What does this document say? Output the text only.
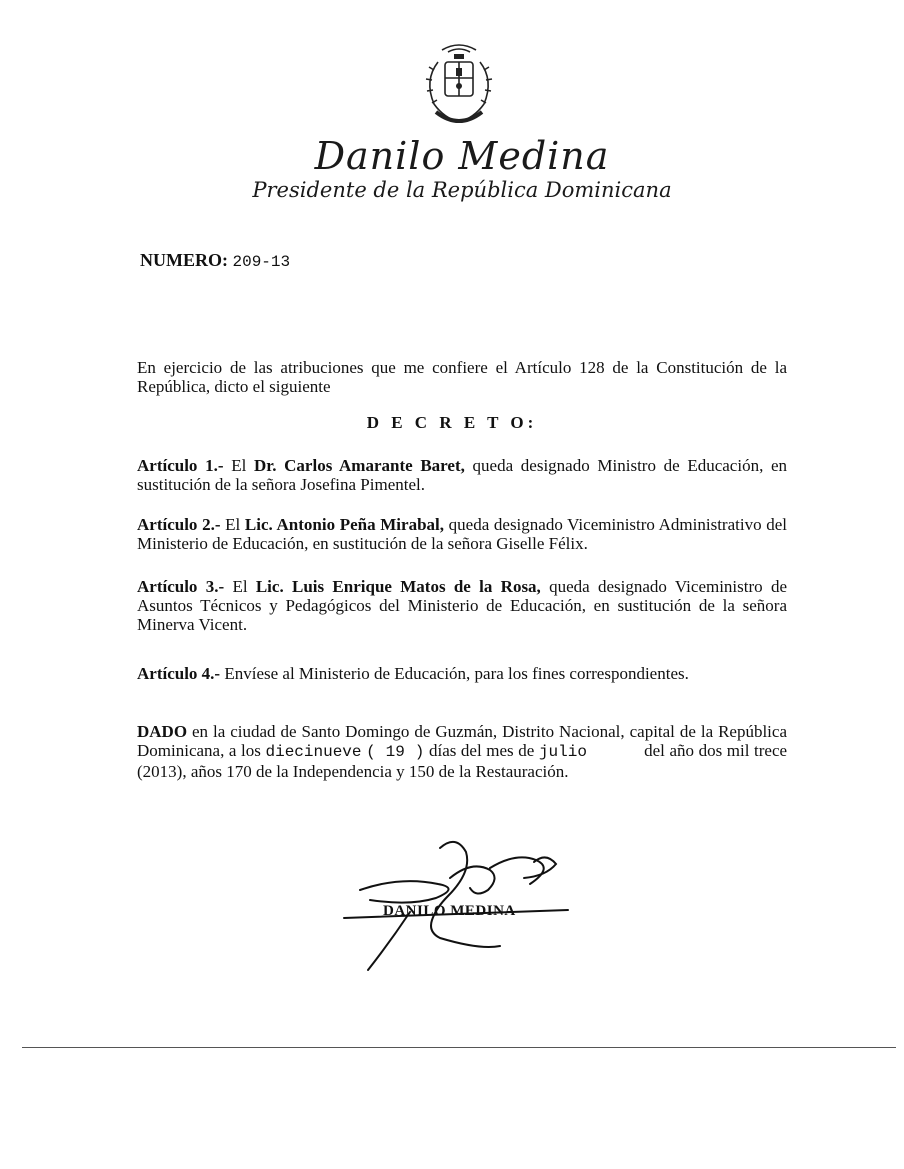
Danilo Medina
Presidente de la República Dominicana
NUMERO: 209-13
En ejercicio de las atribuciones que me confiere el Artículo 128 de la Constitución de la República, dicto el siguiente
D E C R E T O:
Artículo 1.- El Dr. Carlos Amarante Baret, queda designado Ministro de Educación, en sustitución de la señora Josefina Pimentel.
Artículo 2.- El Lic. Antonio Peña Mirabal, queda designado Viceministro Administrativo del Ministerio de Educación, en sustitución de la señora Giselle Félix.
Artículo 3.- El Lic. Luis Enrique Matos de la Rosa, queda designado Viceministro de Asuntos Técnicos y Pedagógicos del Ministerio de Educación, en sustitución de la señora Minerva Vicent.
Artículo 4.- Envíese al Ministerio de Educación, para los fines correspondientes.
DADO en la ciudad de Santo Domingo de Guzmán, Distrito Nacional, capital de la República Dominicana, a los diecinueve ( 19 ) días del mes de julio	del año dos mil trece (2013), años 170 de la Independencia y 150 de la Restauración.
DANILO MEDINA
